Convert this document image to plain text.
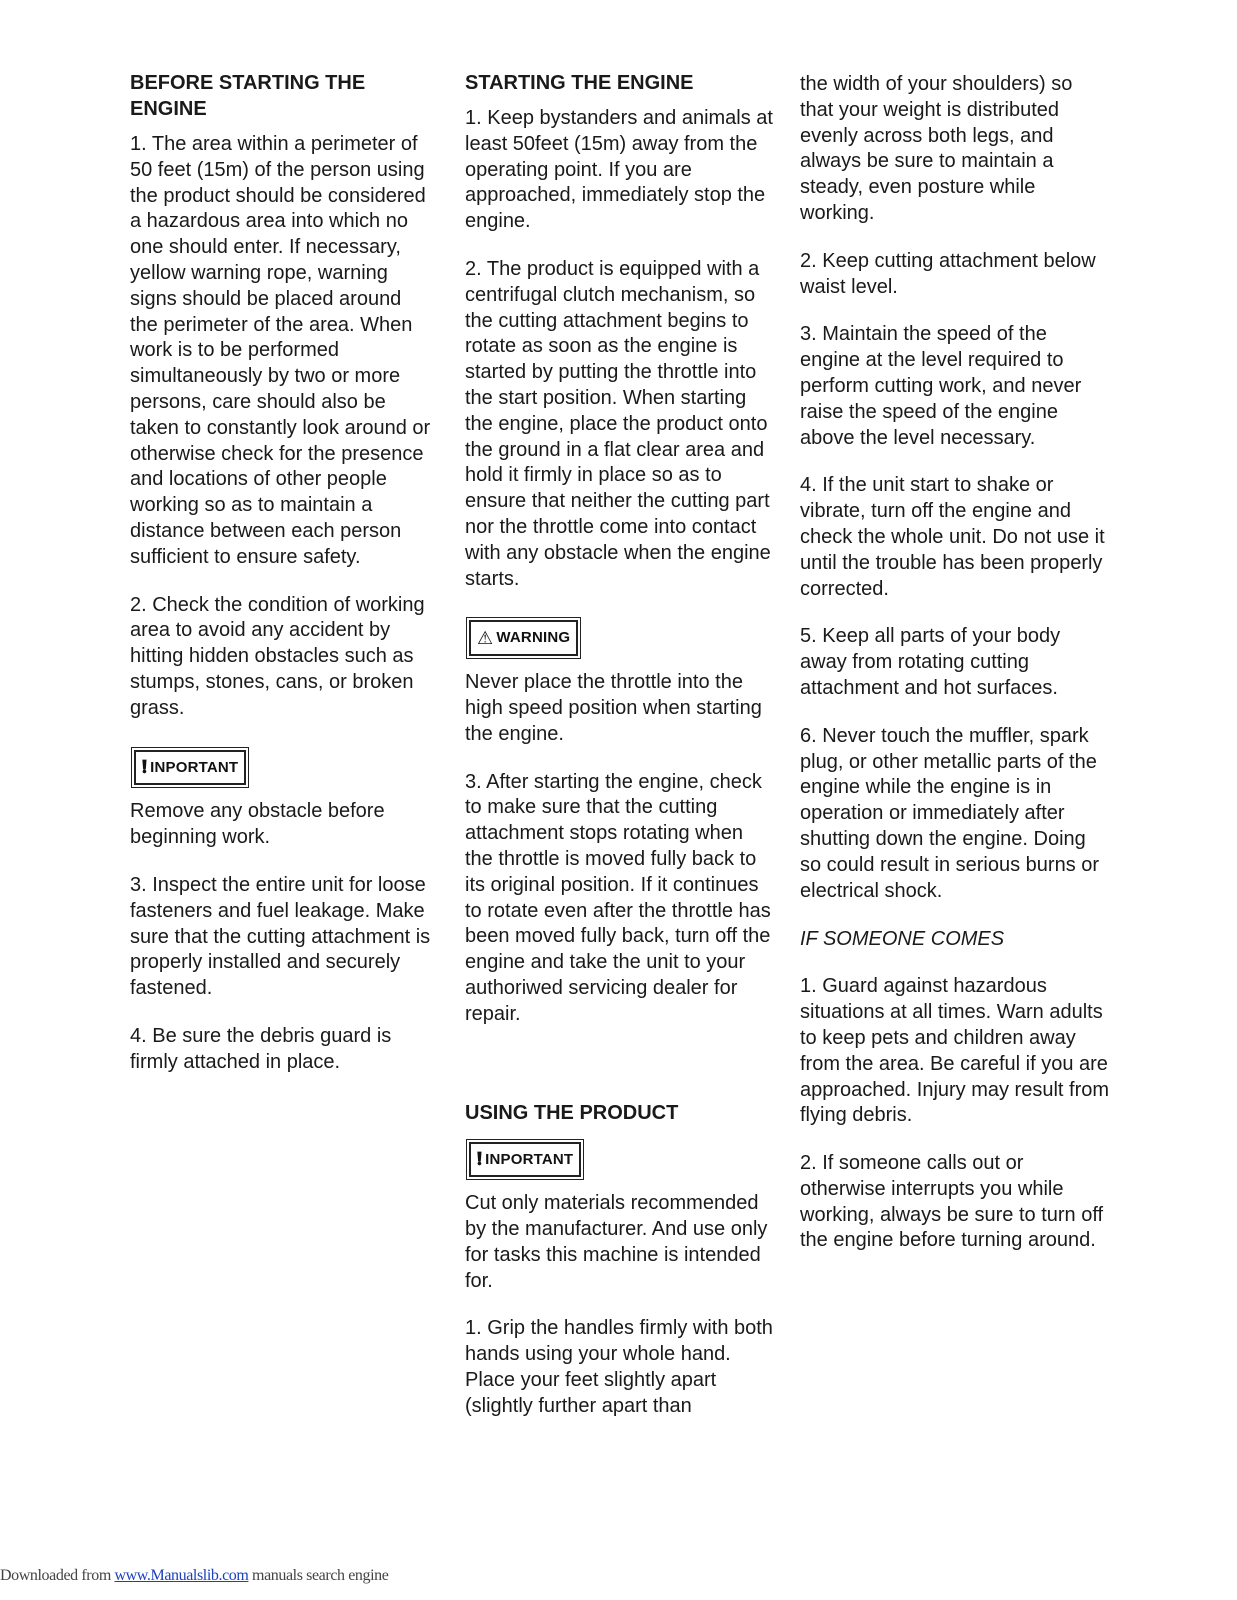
BEFORE STARTING THE ENGINE

1. The area within a perimeter of 50 feet (15m) of the person using the product should be considered a hazardous area into which no one should enter. If necessary, yellow warning rope, warning signs should be placed around the perimeter of the area. When work is to be performed simultaneously by two or more persons, care should also be taken to constantly look around or otherwise check for the presence and locations of other people working so as to maintain a distance between each person sufficient to ensure safety.

2. Check the condition of working area to avoid any accident by hitting hidden obstacles such as stumps, stones, cans, or broken grass.

❗︎ INPORTANT

Remove any obstacle before beginning work.

3. Inspect the entire unit for loose fasteners and fuel leakage. Make sure that the cutting attachment is properly installed and securely fastened.

4. Be sure the debris guard is firmly attached in place.

STARTING THE ENGINE

1. Keep bystanders and animals at least 50feet (15m) away from the operating point. If you are approached, immediately stop the engine.

2. The product is equipped with a centrifugal clutch mechanism, so the cutting attachment begins to rotate as soon as the engine is started by putting the throttle into the start position. When starting the engine, place the product onto the ground in a flat clear area and hold it firmly in place so as to ensure that neither the cutting part nor the throttle come into contact with any obstacle when the engine starts.

⚠︎ WARNING

Never place the throttle into the high speed position when starting the engine.

3. After starting the engine, check to make sure that the cutting attachment stops rotating when the throttle is moved fully back to its original position. If it continues to rotate even after the throttle has been moved fully back, turn off the engine and take the unit to your authoriwed servicing dealer for repair.

USING THE PRODUCT
❗︎ INPORTANT

Cut only materials recommended by the manufacturer. And use only for tasks this machine is intended for.

1. Grip the handles firmly with both hands using your whole hand. Place your feet slightly apart (slightly further apart than

the width of your shoulders) so that your weight is distributed evenly across both legs, and always be sure to maintain a steady, even posture while working.

2. Keep cutting attachment below waist level.

3. Maintain the speed of the engine at the level required to perform cutting work, and never raise the speed of the engine above the level necessary.

4. If the unit start to shake or vibrate, turn off the engine and check the whole unit. Do not use it until the trouble has been properly corrected.

5. Keep all parts of your body away from rotating cutting attachment and hot surfaces.

6. Never touch the muffler, spark plug, or other metallic parts of the engine while the engine is in operation or immediately after shutting down the engine. Doing so could result in serious burns or electrical shock.

IF SOMEONE COMES

1. Guard against hazardous situations at all times. Warn adults to keep pets and children away from the area. Be careful if you are approached. Injury may result from flying debris.

2. If someone calls out or otherwise interrupts you while working, always be sure to turn off the engine before turning around.

Downloaded from www.Manualslib.com manuals search engine
